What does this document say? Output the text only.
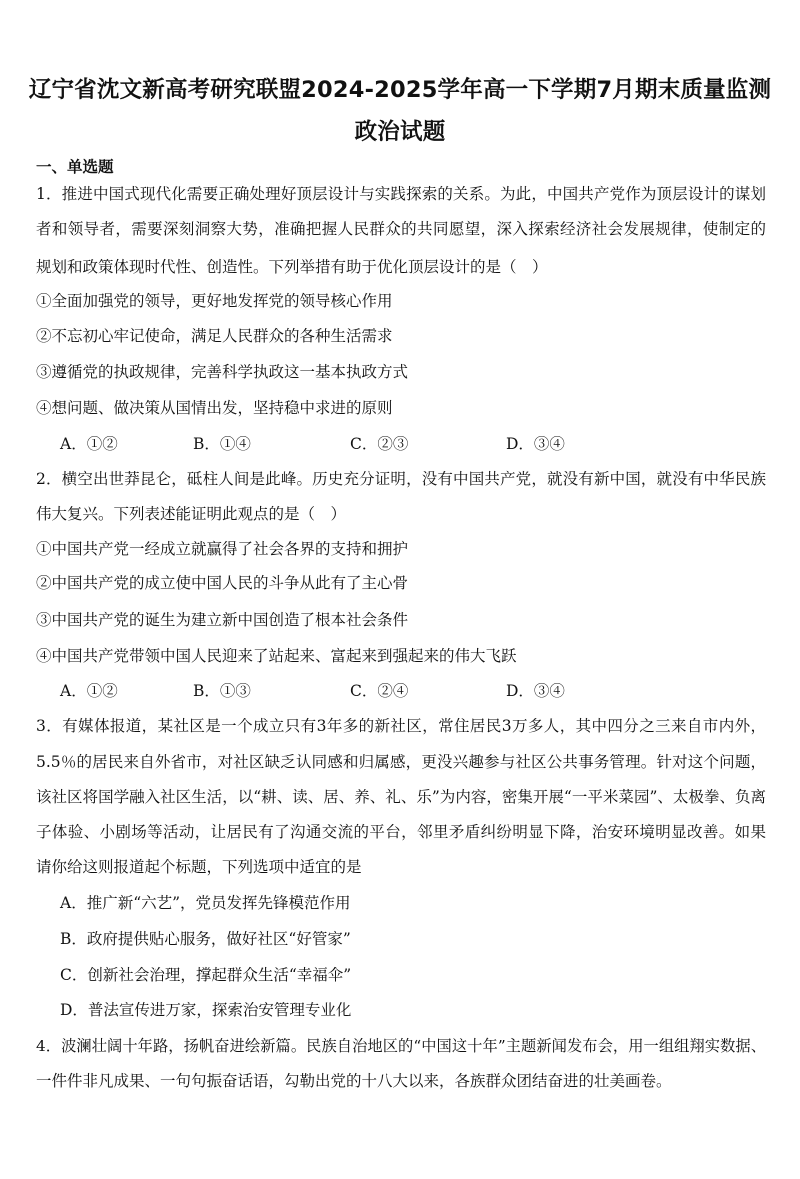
辽宁省沈文新高考研究联盟2024-2025学年高一下学期7月期末质量监测
政治试题
一、单选题
1．推进中国式现代化需要正确处理好顶层设计与实践探索的关系。为此，中国共产党作为顶层设计的谋划
者和领导者，需要深刻洞察大势，准确把握人民群众的共同愿望，深入探索经济社会发展规律，使制定的
规划和政策体现时代性、创造性。下列举措有助于优化顶层设计的是（　）
①全面加强党的领导，更好地发挥党的领导核心作用
②不忘初心牢记使命，满足人民群众的各种生活需求
③遵循党的执政规律，完善科学执政这一基本执政方式
④想问题、做决策从国情出发，坚持稳中求进的原则
A．①②	B．①④	C．②③	D．③④
2．横空出世莽昆仑，砥柱人间是此峰。历史充分证明，没有中国共产党，就没有新中国，就没有中华民族
伟大复兴。下列表述能证明此观点的是（　）
①中国共产党一经成立就赢得了社会各界的支持和拥护
②中国共产党的成立使中国人民的斗争从此有了主心骨
③中国共产党的诞生为建立新中国创造了根本社会条件
④中国共产党带领中国人民迎来了站起来、富起来到强起来的伟大飞跃
A．①②	B．①③	C．②④	D．③④
3．有媒体报道，某社区是一个成立只有3年多的新社区，常住居民3万多人，其中四分之三来自市内外，
5.5％的居民来自外省市，对社区缺乏认同感和归属感，更没兴趣参与社区公共事务管理。针对这个问题，
该社区将国学融入社区生活，以“耕、读、居、养、礼、乐”为内容，密集开展“一平米菜园”、太极拳、负离
子体验、小剧场等活动，让居民有了沟通交流的平台，邻里矛盾纠纷明显下降，治安环境明显改善。如果
请你给这则报道起个标题，下列选项中适宜的是
A．推广新“六艺”，党员发挥先锋模范作用
B．政府提供贴心服务，做好社区“好管家”
C．创新社会治理，撑起群众生活“幸福伞”
D．普法宣传进万家，探索治安管理专业化
4．波澜壮阔十年路，扬帆奋进绘新篇。民族自治地区的“中国这十年”主题新闻发布会，用一组组翔实数据、
一件件非凡成果、一句句振奋话语，勾勒出党的十八大以来，各族群众团结奋进的壮美画卷。
